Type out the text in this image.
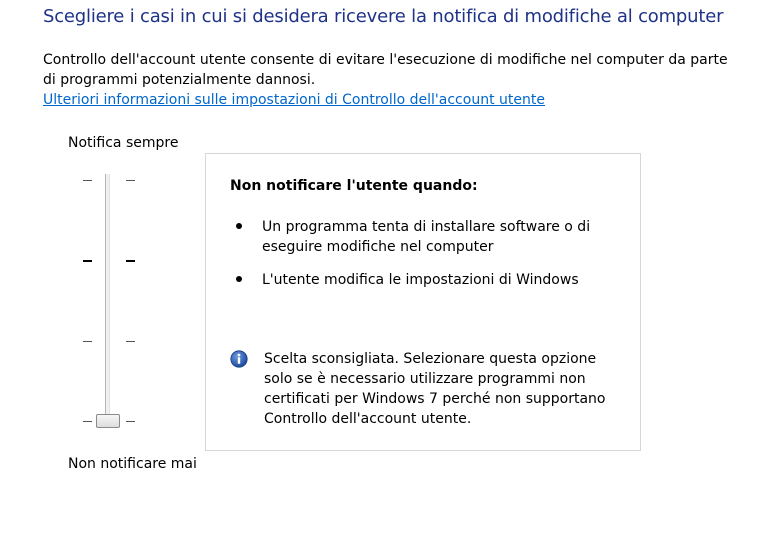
Scegliere i casi in cui si desidera ricevere la notifica di modifiche al computer
Controllo dell'account utente consente di evitare l'esecuzione di modifiche nel computer da parte di programmi potenzialmente dannosi.
Ulteriori informazioni sulle impostazioni di Controllo dell'account utente
Notifica sempre
Non notificare mai
Non notificare l'utente quando:
Un programma tenta di installare software o di eseguire modifiche nel computer
L'utente modifica le impostazioni di Windows
Scelta sconsigliata. Selezionare questa opzione solo se è necessario utilizzare programmi non certificati per Windows 7 perché non supportano Controllo dell'account utente.
